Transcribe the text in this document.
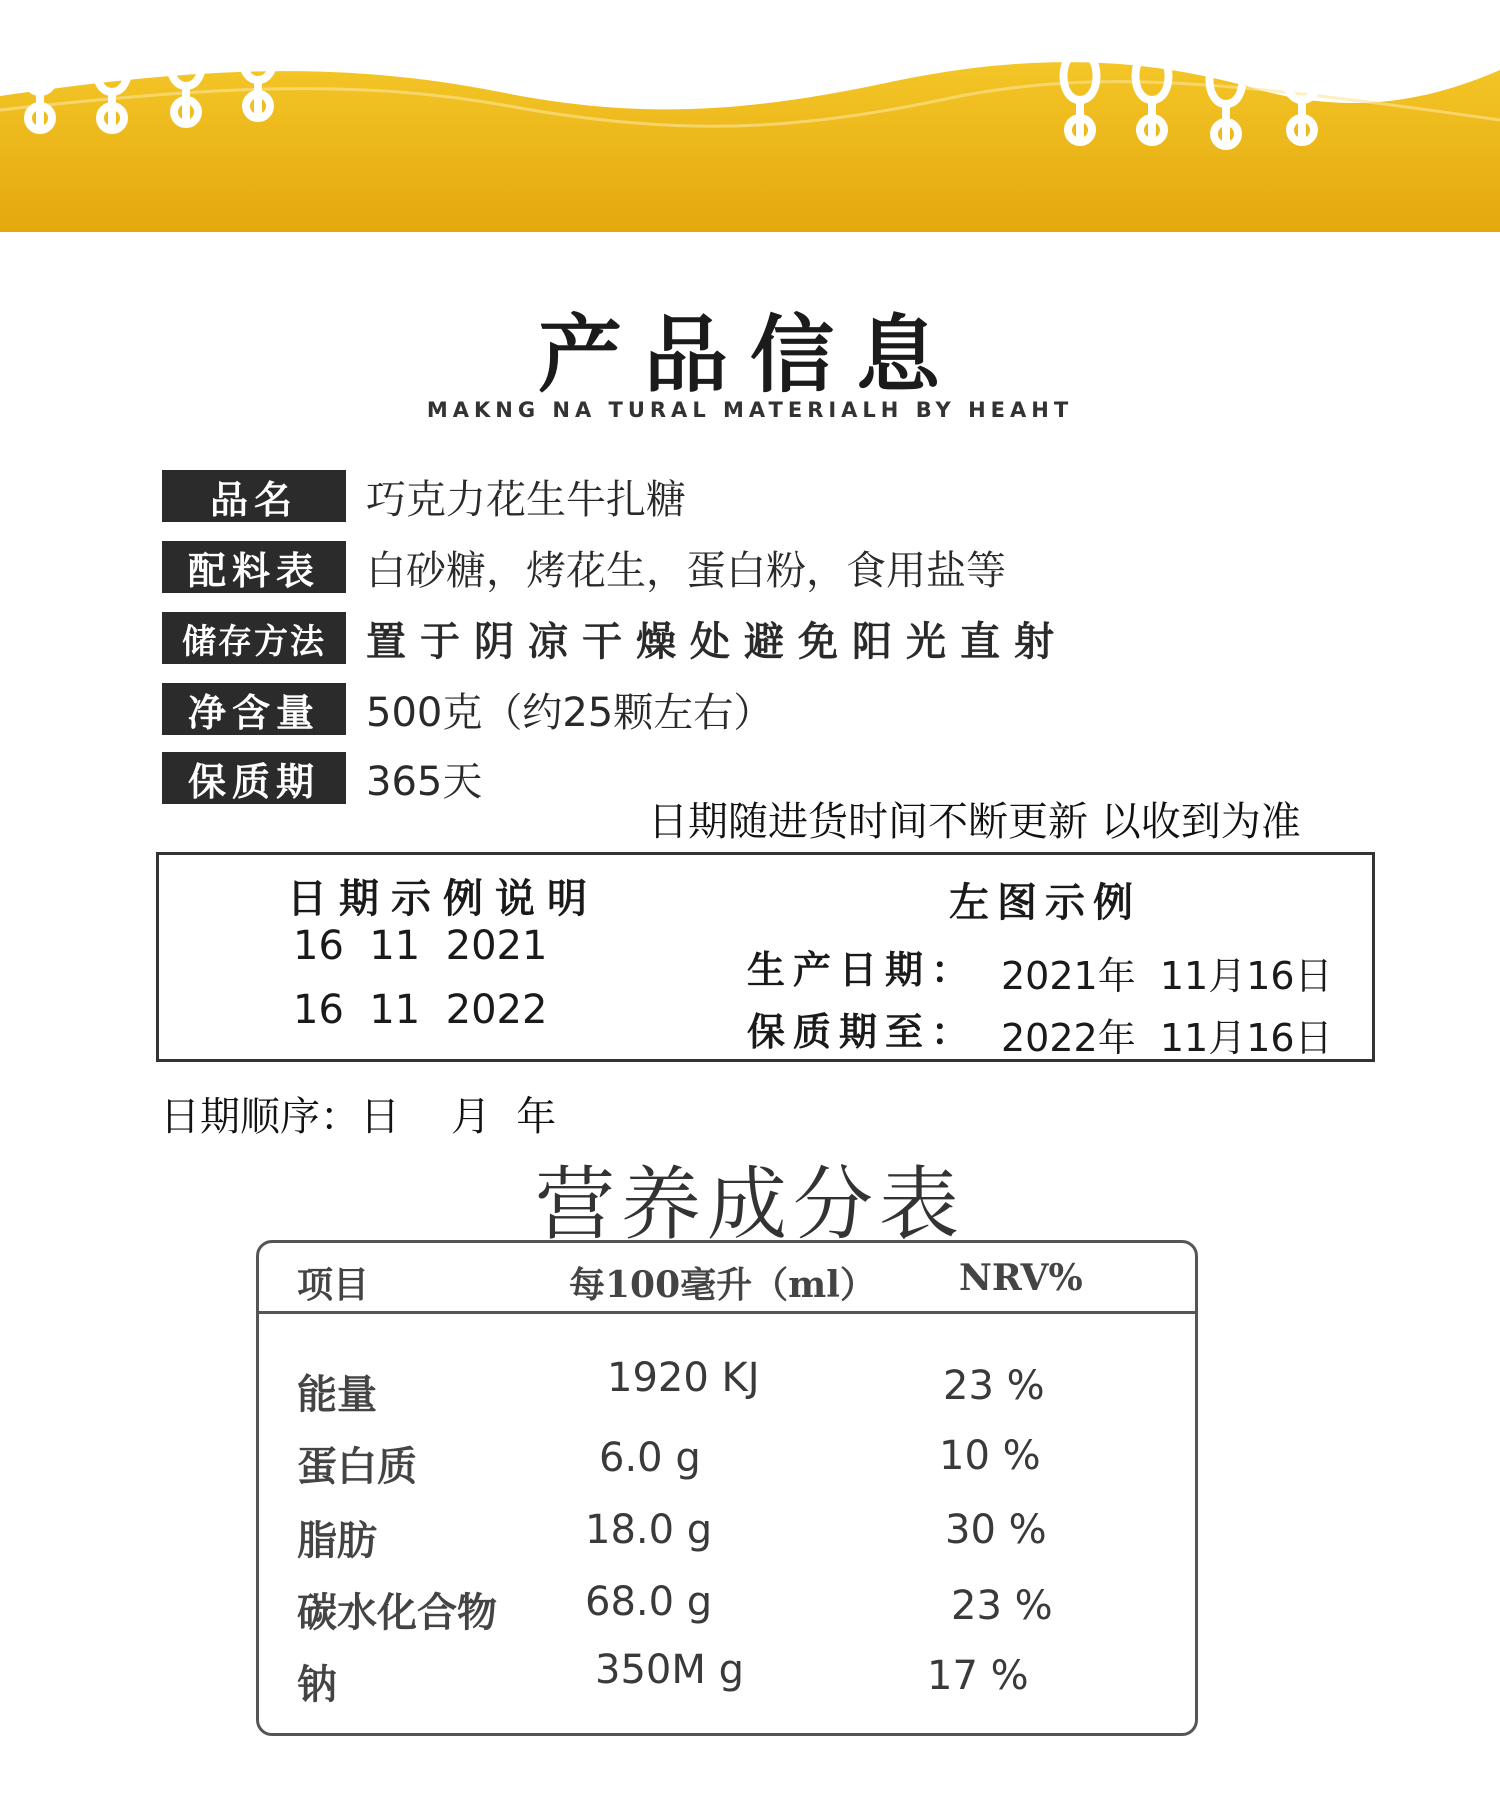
产品信息
MAKNG NA TURAL MATERIALH BY HEAHT
品名	巧克力花生牛扎糖
配料表	白砂糖，烤花生，蛋白粉，食用盐等
储存方法	置于阴凉干燥处避免阳光直射
净含量	500克（约25颗左右）
保质期	365天
日期随进货时间不断更新 以收到为准
日期示例说明
16  11  2021
16  11  2022
左图示例
生产日期： 2021年  11月16日
保质期至： 2022年  11月16日
日期顺序：日    月  年
营养成分表
项目	每100毫升（ml） NRV%
能量	1920 KJ	23 %
蛋白质	6.0 g	10 %
脂肪	18.0 g	30 %
碳水化合物 68.0 g	23 %
钠	350M g	17 %
